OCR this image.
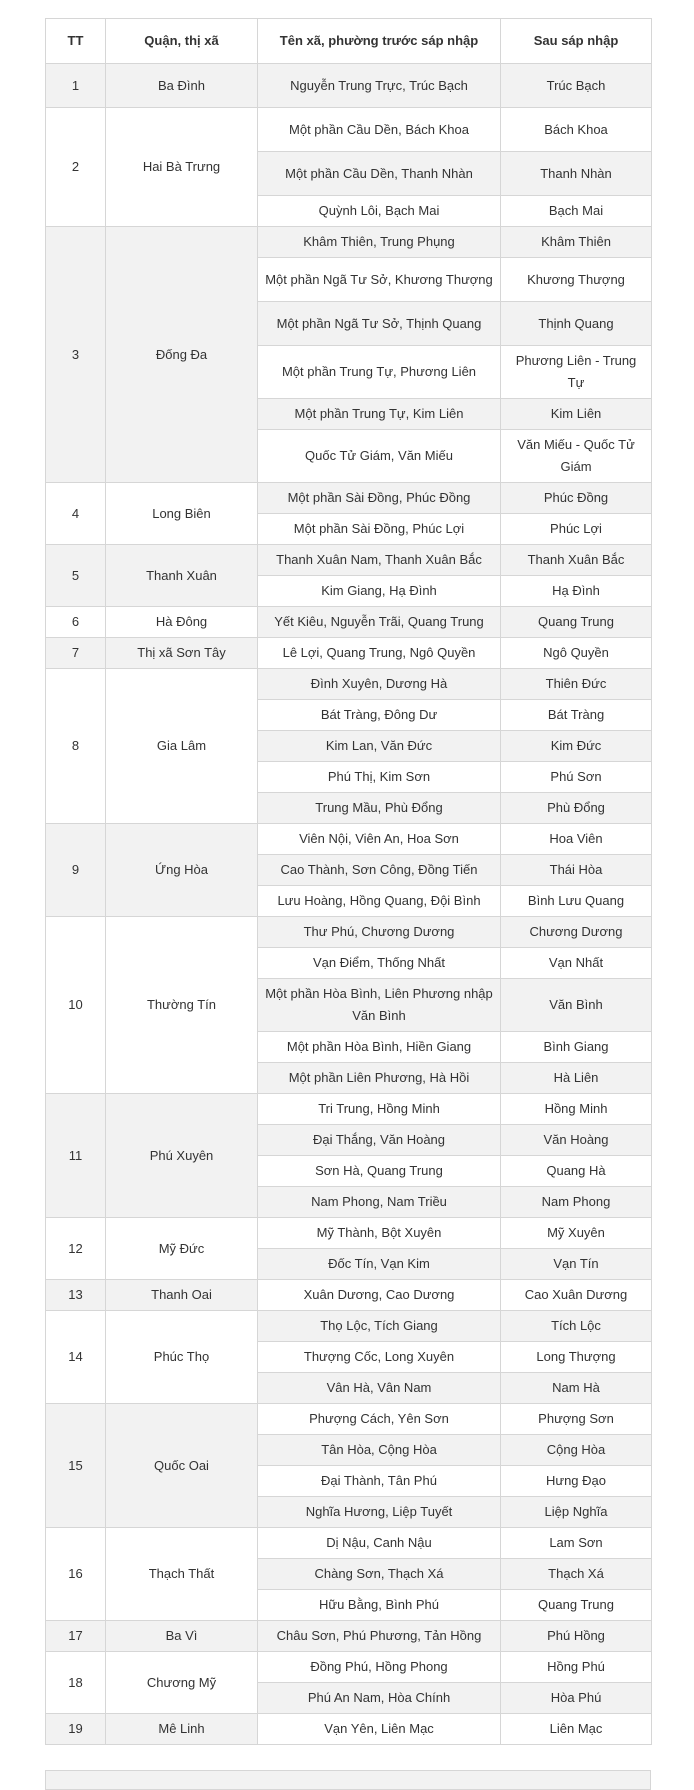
TT	Quận, thị xã	Tên xã, phường trước sáp nhập	Sau sáp nhập
1	Ba Đình	Nguyễn Trung Trực, Trúc Bạch	Trúc Bạch
2	Hai Bà Trưng	Một phần Cầu Dền, Bách Khoa	Bách Khoa
		Một phần Cầu Dền, Thanh Nhàn	Thanh Nhàn
		Quỳnh Lôi, Bạch Mai	Bạch Mai
3	Đống Đa	Khâm Thiên, Trung Phụng	Khâm Thiên
		Một phần Ngã Tư Sở, Khương Thượng	Khương Thượng
		Một phần Ngã Tư Sở, Thịnh Quang	Thịnh Quang
		Một phần Trung Tự, Phương Liên	Phương Liên - Trung Tự
		Một phần Trung Tự, Kim Liên	Kim Liên
		Quốc Tử Giám, Văn Miếu	Văn Miếu - Quốc Tử Giám
4	Long Biên	Một phần Sài Đồng, Phúc Đồng	Phúc Đồng
		Một phần Sài Đồng, Phúc Lợi	Phúc Lợi
5	Thanh Xuân	Thanh Xuân Nam, Thanh Xuân Bắc	Thanh Xuân Bắc
		Kim Giang, Hạ Đình	Hạ Đình
6	Hà Đông	Yết Kiêu, Nguyễn Trãi, Quang Trung	Quang Trung
7	Thị xã Sơn Tây	Lê Lợi, Quang Trung, Ngô Quyền	Ngô Quyền
8	Gia Lâm	Đình Xuyên, Dương Hà	Thiên Đức
		Bát Tràng, Đông Dư	Bát Tràng
		Kim Lan, Văn Đức	Kim Đức
		Phú Thị, Kim Sơn	Phú Sơn
		Trung Mầu, Phù Đổng	Phù Đổng
9	Ứng Hòa	Viên Nội, Viên An, Hoa Sơn	Hoa Viên
		Cao Thành, Sơn Công, Đồng Tiến	Thái Hòa
		Lưu Hoàng, Hồng Quang, Đội Bình	Bình Lưu Quang
10	Thường Tín	Thư Phú, Chương Dương	Chương Dương
		Vạn Điểm, Thống Nhất	Vạn Nhất
		Một phần Hòa Bình, Liên Phương nhập Văn Bình	Văn Bình
		Một phần Hòa Bình, Hiền Giang	Bình Giang
		Một phần Liên Phương, Hà Hồi	Hà Liên
11	Phú Xuyên	Tri Trung, Hồng Minh	Hồng Minh
		Đại Thắng, Văn Hoàng	Văn Hoàng
		Sơn Hà, Quang Trung	Quang Hà
		Nam Phong, Nam Triều	Nam Phong
12	Mỹ Đức	Mỹ Thành, Bột Xuyên	Mỹ Xuyên
		Đốc Tín, Vạn Kim	Vạn Tín
13	Thanh Oai	Xuân Dương, Cao Dương	Cao Xuân Dương
14	Phúc Thọ	Thọ Lộc, Tích Giang	Tích Lộc
		Thượng Cốc, Long Xuyên	Long Thượng
		Vân Hà, Vân Nam	Nam Hà
15	Quốc Oai	Phượng Cách, Yên Sơn	Phượng Sơn
		Tân Hòa, Cộng Hòa	Cộng Hòa
		Đại Thành, Tân Phú	Hưng Đạo
		Nghĩa Hương, Liệp Tuyết	Liệp Nghĩa
16	Thạch Thất	Dị Nậu, Canh Nậu	Lam Sơn
		Chàng Sơn, Thạch Xá	Thạch Xá
		Hữu Bằng, Bình Phú	Quang Trung
17	Ba Vì	Châu Sơn, Phú Phương, Tản Hồng	Phú Hồng
18	Chương Mỹ	Đồng Phú, Hồng Phong	Hồng Phú
		Phú An Nam, Hòa Chính	Hòa Phú
19	Mê Linh	Vạn Yên, Liên Mạc	Liên Mạc
